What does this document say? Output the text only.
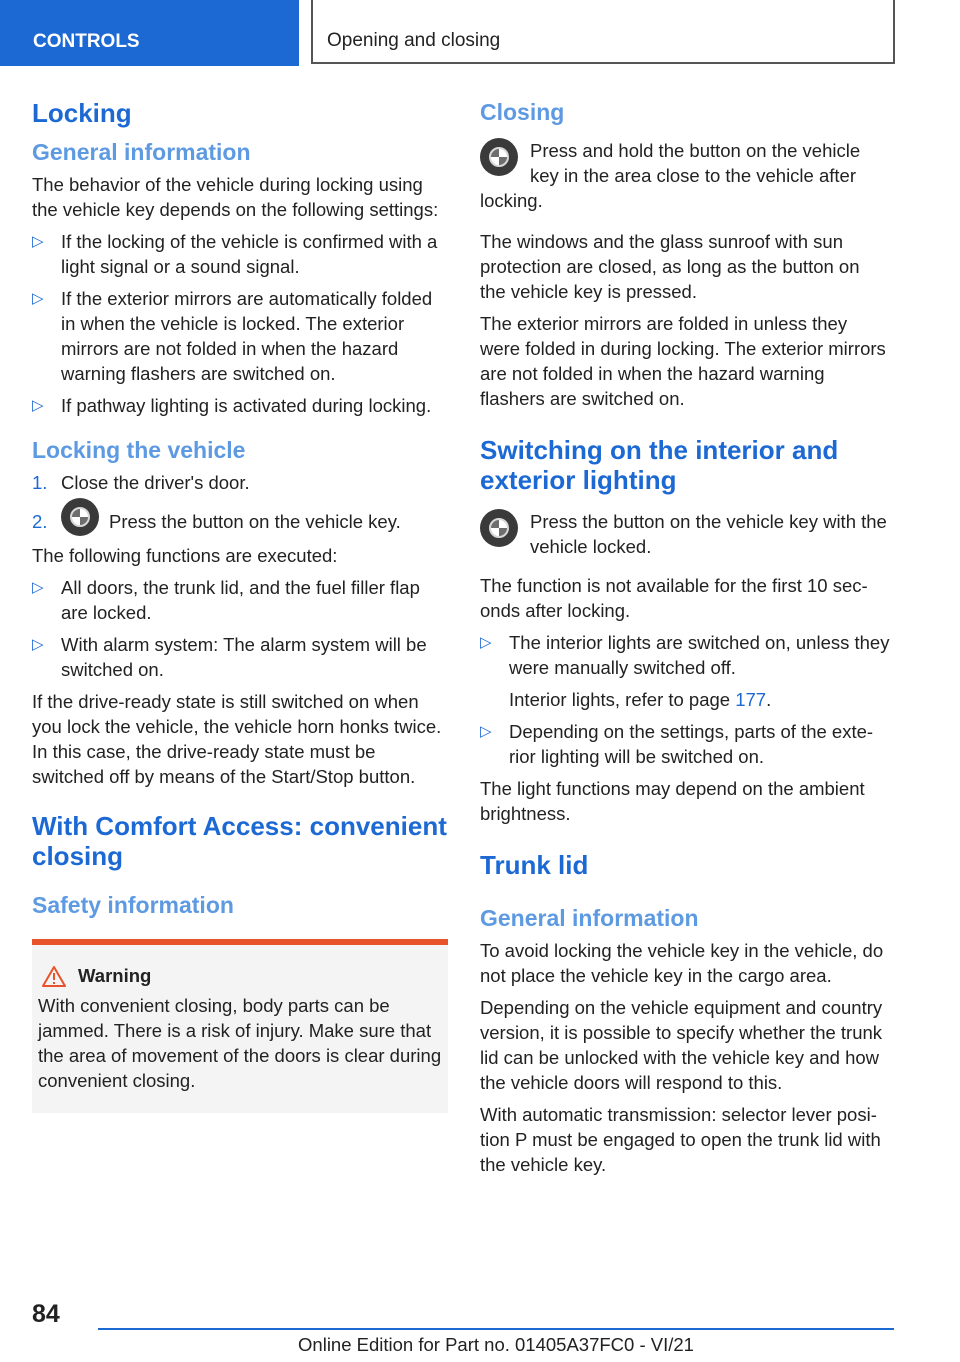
CONTROLS	Opening and closing
Locking
General information

The behavior of the vehicle during locking using the vehicle key depends on the following settings:

▷ If the locking of the vehicle is confirmed with a light signal or a sound signal.
▷ If the exterior mirrors are automatically folded in when the vehicle is locked. The exterior mirrors are not folded in when the hazard warning flashers are switched on.
▷ If pathway lighting is activated during locking.
Locking the vehicle
1. Close the driver's door.
2.	Press the button on the vehicle key.

The following functions are executed:

▷ All doors, the trunk lid, and the fuel filler flap are locked.
▷ With alarm system: The alarm system will be switched on.

If the drive-ready state is still switched on when you lock the vehicle, the vehicle horn honks twice. In this case, the drive-ready state must be switched off by means of the Start/Stop button.

With Comfort Access: convenient closing
Safety information
Warning

With convenient closing, body parts can be jammed. There is a risk of injury. Make sure that the area of movement of the doors is clear during convenient closing.

Closing

Press and hold the button on the vehicle key in the area close to the vehicle after locking.

The windows and the glass sunroof with sun protection are closed, as long as the button on the vehicle key is pressed.

The exterior mirrors are folded in unless they were folded in during locking. The exterior mirrors are not folded in when the hazard warning flashers are switched on.

Switching on the interior and exterior lighting

Press the button on the vehicle key with the vehicle locked.

The function is not available for the first 10 seconds after locking.

▷ The interior lights are switched on, unless they were manually switched off.

Interior lights, refer to page 177.

▷ Depending on the settings, parts of the exterior lighting will be switched on.

The light functions may depend on the ambient brightness.

Trunk lid
General information

To avoid locking the vehicle key in the vehicle, do not place the vehicle key in the cargo area.

Depending on the vehicle equipment and country version, it is possible to specify whether the trunk lid can be unlocked with the vehicle key and how the vehicle doors will respond to this.

With automatic transmission: selector lever position P must be engaged to open the trunk lid with the vehicle key.

84
Online Edition for Part no. 01405A37FC0 - VI/21
